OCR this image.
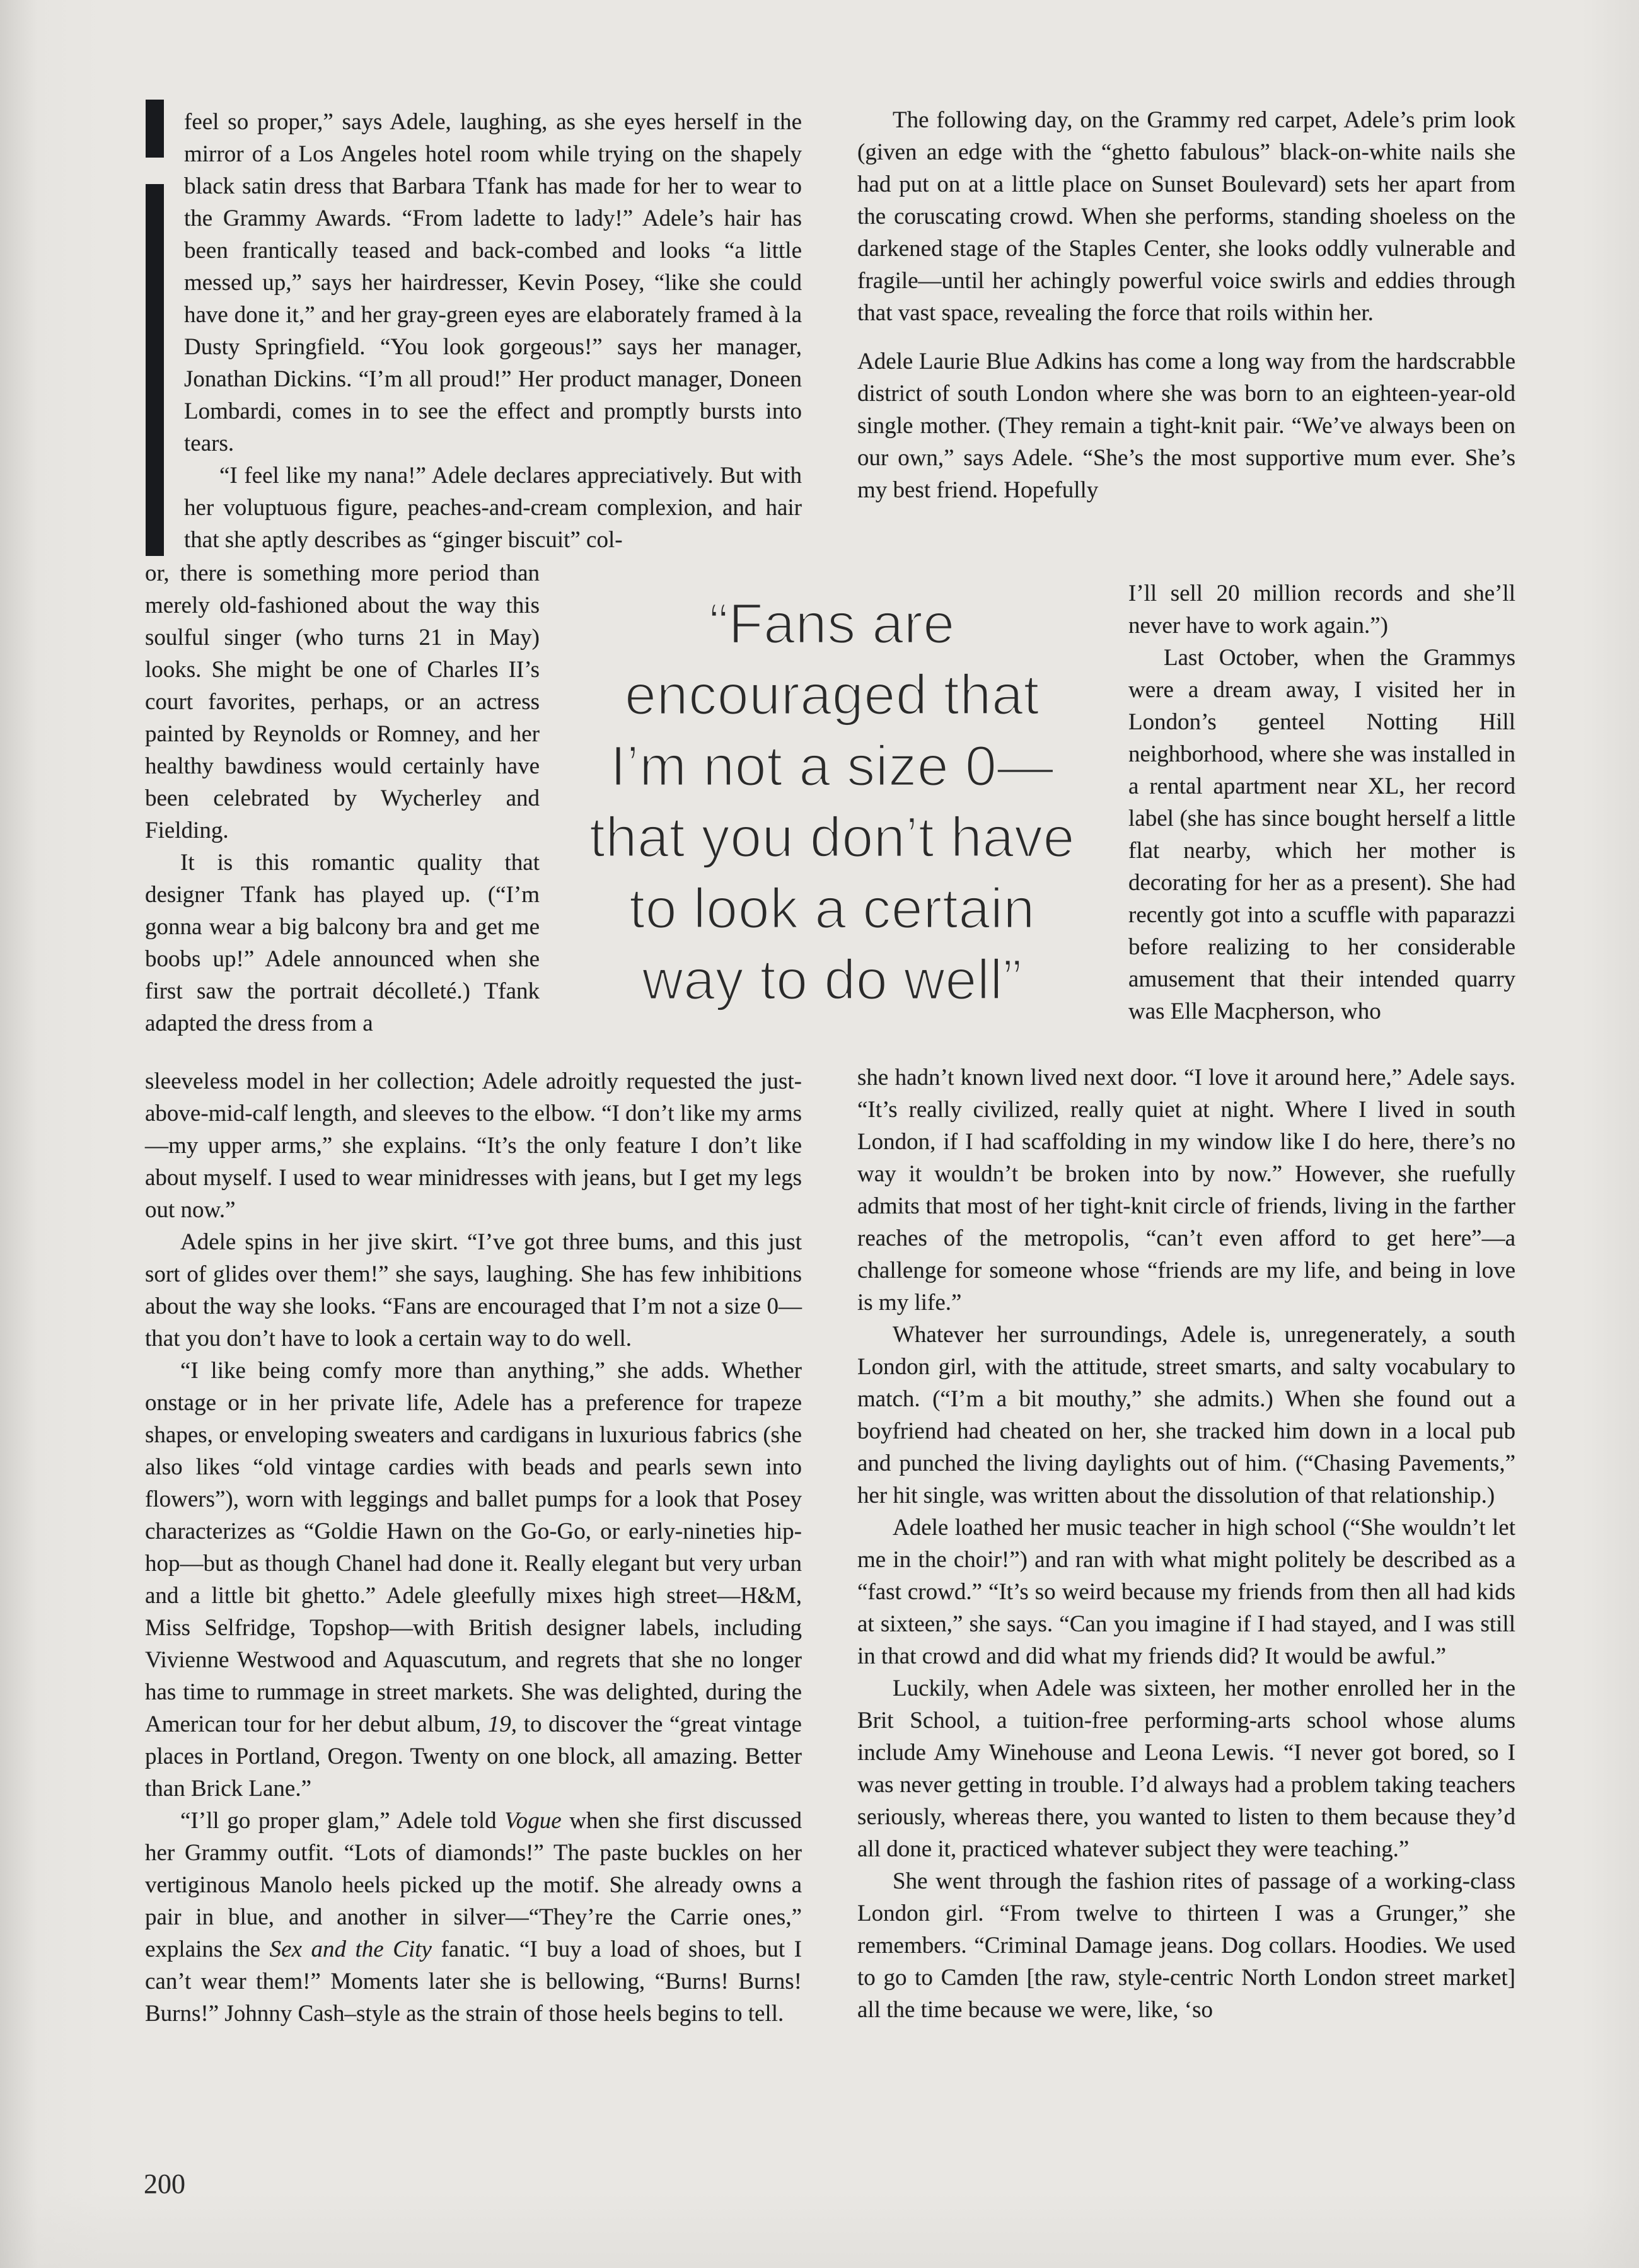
feel so proper,” says Adele, laughing, as she eyes herself in the mirror of a Los Angeles hotel room while trying on the shapely black satin dress that Barbara Tfank has made for her to wear to the Grammy Awards. “From ladette to lady!” Adele’s hair has been frantically teased and back-combed and looks “a little messed up,” says her hairdresser, Kevin Posey, “like she could have done it,” and her gray-green eyes are elaborately framed à la Dusty Springfield. “You look gorgeous!” says her manager, Jonathan Dickins. “I’m all proud!” Her product manager, Doneen Lombardi, comes in to see the effect and promptly bursts into tears.

“I feel like my nana!” Adele declares appreciatively. But with her voluptuous figure, peaches-and-cream complexion, and hair that she aptly describes as “ginger biscuit” col-

or, there is something more period than merely old-fashioned about the way this soulful singer (who turns 21 in May) looks. She might be one of Charles II’s court favorites, perhaps, or an actress painted by Reynolds or Romney, and her healthy bawdiness would certainly have been celebrated by Wycherley and Fielding.

It is this romantic quality that designer Tfank has played up. (“I’m gonna wear a big balcony bra and get me boobs up!” Adele announced when she first saw the portrait décolleté.) Tfank adapted the dress from a

sleeveless model in her collection; Adele adroitly requested the just-above-mid-calf length, and sleeves to the elbow. “I don’t like my arms—my upper arms,” she explains. “It’s the only feature I don’t like about myself. I used to wear minidresses with jeans, but I get my legs out now.”

Adele spins in her jive skirt. “I’ve got three bums, and this just sort of glides over them!” she says, laughing. She has few inhibitions about the way she looks. “Fans are encouraged that I’m not a size 0—that you don’t have to look a certain way to do well.

“I like being comfy more than anything,” she adds. Whether onstage or in her private life, Adele has a preference for trapeze shapes, or enveloping sweaters and cardigans in luxurious fabrics (she also likes “old vintage cardies with beads and pearls sewn into flowers”), worn with leggings and ballet pumps for a look that Posey characterizes as “Goldie Hawn on the Go-Go, or early-nineties hip-hop—but as though Chanel had done it. Really elegant but very urban and a little bit ghetto.” Adele gleefully mixes high street—H&M, Miss Selfridge, Topshop—with British designer labels, including Vivienne Westwood and Aquascutum, and regrets that she no longer has time to rummage in street markets. She was delighted, during the American tour for her debut album, 19, to discover the “great vintage places in Portland, Oregon. Twenty on one block, all amazing. Better than Brick Lane.”

“I’ll go proper glam,” Adele told Vogue when she first discussed her Grammy outfit. “Lots of diamonds!” The paste buckles on her vertiginous Manolo heels picked up the motif. She already owns a pair in blue, and another in silver—“They’re the Carrie ones,” explains the Sex and the City fanatic. “I buy a load of shoes, but I can’t wear them!” Moments later she is bellowing, “Burns! Burns! Burns!” Johnny Cash–style as the strain of those heels begins to tell.

The following day, on the Grammy red carpet, Adele’s prim look (given an edge with the “ghetto fabulous” black-on-white nails she had put on at a little place on Sunset Boulevard) sets her apart from the coruscating crowd. When she performs, standing shoeless on the darkened stage of the Staples Center, she looks oddly vulnerable and fragile—until her achingly powerful voice swirls and eddies through that vast space, revealing the force that roils within her.

Adele Laurie Blue Adkins has come a long way from the hardscrabble district of south London where she was born to an eighteen-year-old single mother. (They remain a tight-knit pair. “We’ve always been on our own,” says Adele. “She’s the most supportive mum ever. She’s my best friend. Hopefully

I’ll sell 20 million records and she’ll never have to work again.”)

Last October, when the Grammys were a dream away, I visited her in London’s genteel Notting Hill neighborhood, where she was installed in a rental apartment near XL, her record label (she has since bought herself a little flat nearby, which her mother is decorating for her as a present). She had recently got into a scuffle with paparazzi before realizing to her considerable amusement that their intended quarry was Elle Macpherson, who

she hadn’t known lived next door. “I love it around here,” Adele says. “It’s really civilized, really quiet at night. Where I lived in south London, if I had scaffolding in my window like I do here, there’s no way it wouldn’t be broken into by now.” However, she ruefully admits that most of her tight-knit circle of friends, living in the farther reaches of the metropolis, “can’t even afford to get here”—a challenge for someone whose “friends are my life, and being in love is my life.”

Whatever her surroundings, Adele is, unregenerately, a south London girl, with the attitude, street smarts, and salty vocabulary to match. (“I’m a bit mouthy,” she admits.) When she found out a boyfriend had cheated on her, she tracked him down in a local pub and punched the living daylights out of him. (“Chasing Pavements,” her hit single, was written about the dissolution of that relationship.)

Adele loathed her music teacher in high school (“She wouldn’t let me in the choir!”) and ran with what might politely be described as a “fast crowd.” “It’s so weird because my friends from then all had kids at sixteen,” she says. “Can you imagine if I had stayed, and I was still in that crowd and did what my friends did? It would be awful.”

Luckily, when Adele was sixteen, her mother enrolled her in the Brit School, a tuition-free performing-arts school whose alums include Amy Winehouse and Leona Lewis. “I never got bored, so I was never getting in trouble. I’d always had a problem taking teachers seriously, whereas there, you wanted to listen to them because they’d all done it, practiced whatever subject they were teaching.”

She went through the fashion rites of passage of a working-class London girl. “From twelve to thirteen I was a Grunger,” she remembers. “Criminal Damage jeans. Dog collars. Hoodies. We used to go to Camden [the raw, style-centric North London street market] all the time because we were, like, ‘so

“Fans are
encouraged that
I’m not a size 0—
that you don’t have
to look a certain
way to do well”
200
